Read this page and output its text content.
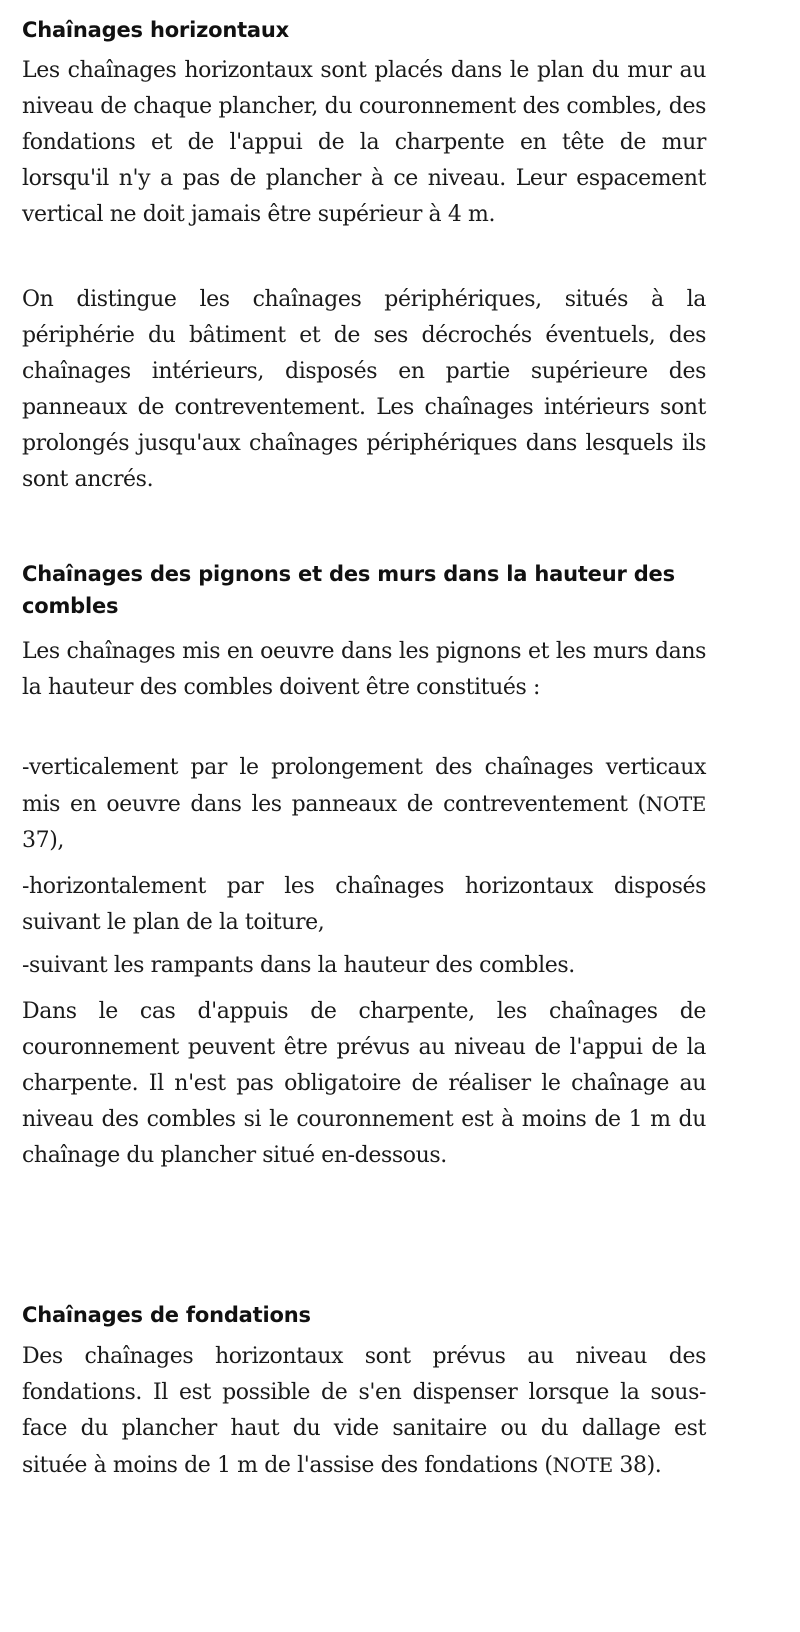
Chaînages horizontaux

Les chaînages horizontaux sont placés dans le plan du mur au niveau de chaque plancher, du couronnement des combles, des fondations et de l'appui de la charpente en tête de mur lorsqu'il n'y a pas de plancher à ce niveau. Leur espacement vertical ne doit jamais être supérieur à 4 m.

On distingue les chaînages périphériques, situés à la périphérie du bâtiment et de ses décrochés éventuels, des chaînages intérieurs, disposés en partie supérieure des panneaux de contreventement. Les chaînages intérieurs sont prolongés jusqu'aux chaînages périphériques dans lesquels ils sont ancrés.

Chaînages des pignons et des murs dans la hauteur des combles

Les chaînages mis en oeuvre dans les pignons et les murs dans la hauteur des combles doivent être constitués :

-verticalement par le prolongement des chaînages verticaux mis en oeuvre dans les panneaux de contreventement (NOTE 37),

-horizontalement par les chaînages horizontaux disposés suivant le plan de la toiture,

-suivant les rampants dans la hauteur des combles.

Dans le cas d'appuis de charpente, les chaînages de couronnement peuvent être prévus au niveau de l'appui de la charpente. Il n'est pas obligatoire de réaliser le chaînage au niveau des combles si le couronnement est à moins de 1 m du chaînage du plancher situé en-dessous.

Chaînages de fondations

Des chaînages horizontaux sont prévus au niveau des fondations. Il est possible de s'en dispenser lorsque la sous-face du plancher haut du vide sanitaire ou du dallage est située à moins de 1 m de l'assise des fondations (NOTE 38).
